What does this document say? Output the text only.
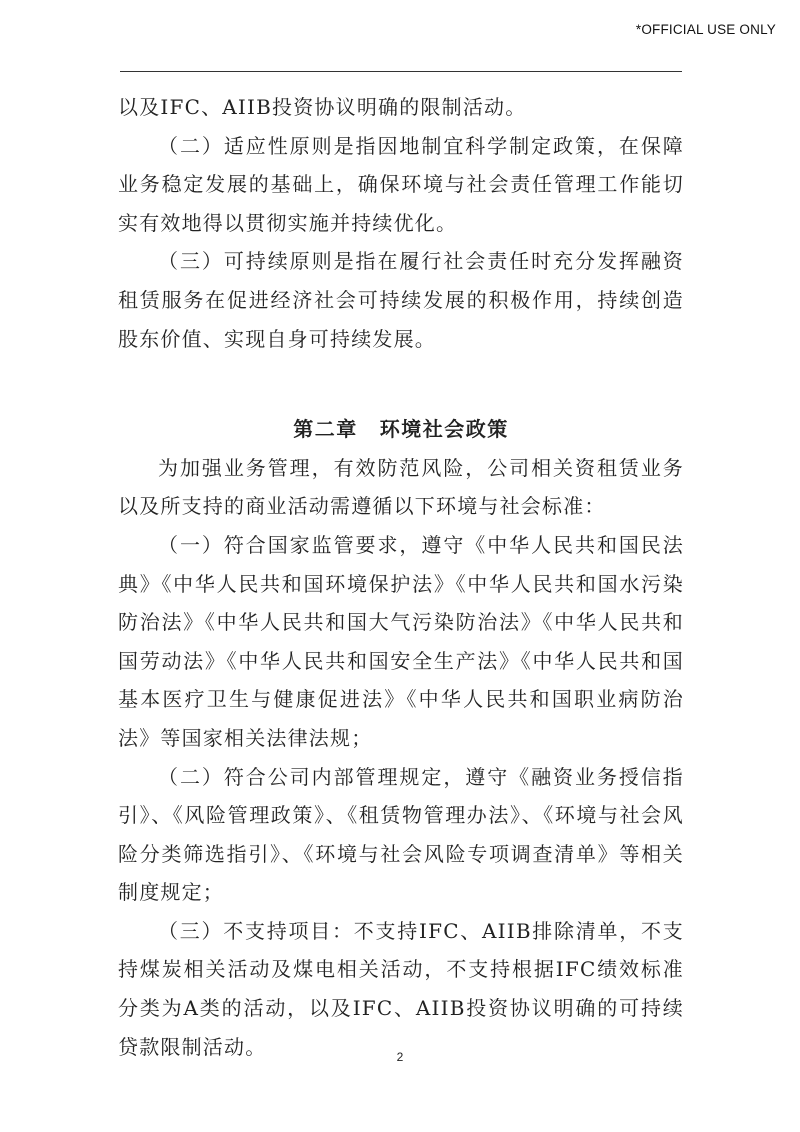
*OFFICIAL USE ONLY

以及IFC、AIIB投资协议明确的限制活动。

（二）适应性原则是指因地制宜科学制定政策，在保障业务稳定发展的基础上，确保环境与社会责任管理工作能切实有效地得以贯彻实施并持续优化。

（三）可持续原则是指在履行社会责任时充分发挥融资租赁服务在促进经济社会可持续发展的积极作用，持续创造股东价值、实现自身可持续发展。

第二章 环境社会政策

为加强业务管理，有效防范风险，公司相关资租赁业务以及所支持的商业活动需遵循以下环境与社会标准：

（一）符合国家监管要求，遵守《中华人民共和国民法典》《中华人民共和国环境保护法》《中华人民共和国水污染防治法》《中华人民共和国大气污染防治法》《中华人民共和国劳动法》《中华人民共和国安全生产法》《中华人民共和国基本医疗卫生与健康促进法》《中华人民共和国职业病防治法》等国家相关法律法规；

（二）符合公司内部管理规定，遵守《融资业务授信指引》、《风险管理政策》、《租赁物管理办法》、《环境与社会风险分类筛选指引》、《环境与社会风险专项调查清单》等相关制度规定；

（三）不支持项目：不支持IFC、AIIB排除清单，不支持煤炭相关活动及煤电相关活动，不支持根据IFC绩效标准分类为A类的活动，以及IFC、AIIB投资协议明确的可持续贷款限制活动。	2
